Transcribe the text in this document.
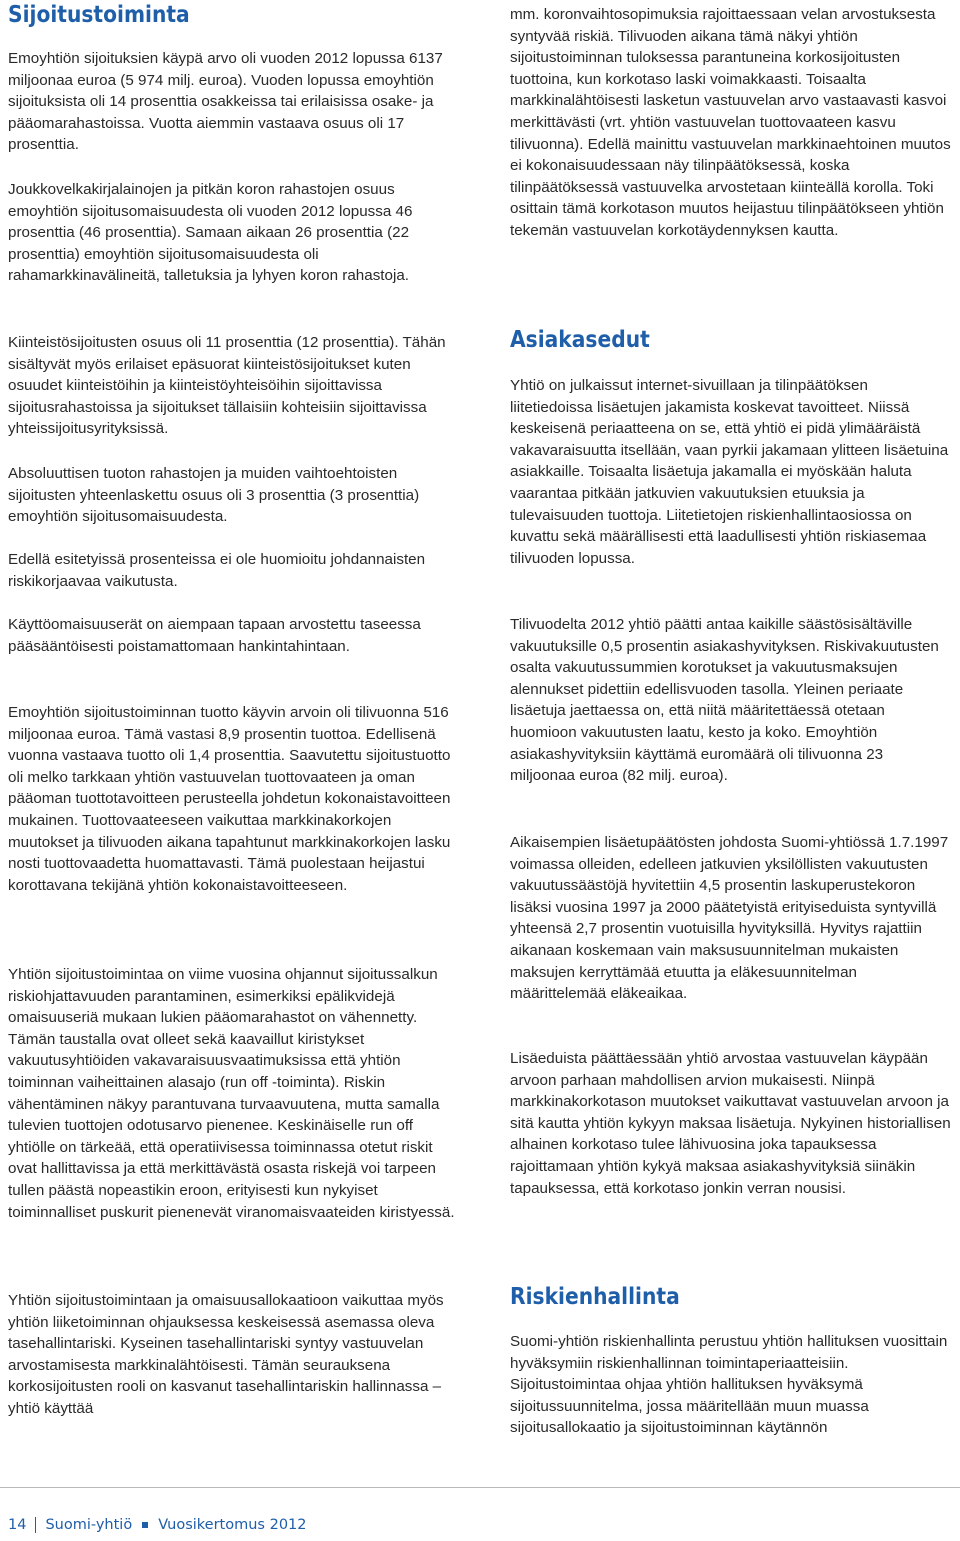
Sijoitustoiminta

Emoyhtiön sijoituksien käypä arvo oli vuoden 2012 lopussa 6137 miljoonaa euroa (5 974 milj. euroa). Vuoden lopussa emoyhtiön sijoituksista oli 14 prosenttia osakkeissa tai erilaisissa osake- ja pääomarahastoissa. Vuotta aiemmin vastaava osuus oli 17 prosenttia.

Joukkovelkakirjalainojen ja pitkän koron rahastojen osuus emoyhtiön sijoitusomaisuudesta oli vuoden 2012 lopussa 46 prosenttia (46 prosenttia). Samaan aikaan 26 prosenttia (22 prosenttia) emoyhtiön sijoitusomaisuudesta oli rahamarkkinavälineitä, talletuksia ja lyhyen koron rahastoja.

Kiinteistösijoitusten osuus oli 11 prosenttia (12 prosenttia). Tähän sisältyvät myös erilaiset epäsuorat kiinteistösijoitukset kuten osuudet kiinteistöihin ja kiinteistöyhteisöihin sijoittavissa sijoitusrahastoissa ja sijoitukset tällaisiin kohteisiin sijoittavissa yhteissijoitusyrityksissä.

Absoluuttisen tuoton rahastojen ja muiden vaihtoehtoisten sijoitusten yhteenlaskettu osuus oli 3 prosenttia (3 prosenttia) emoyhtiön sijoitusomaisuudesta.

Edellä esitetyissä prosenteissa ei ole huomioitu johdannaisten riskikorjaavaa vaikutusta.

Käyttöomaisuuserät on aiempaan tapaan arvostettu taseessa pääsääntöisesti poistamattomaan hankintahintaan.

Emoyhtiön sijoitustoiminnan tuotto käyvin arvoin oli tilivuonna 516 miljoonaa euroa. Tämä vastasi 8,9 prosentin tuottoa. Edellisenä vuonna vastaava tuotto oli 1,4 prosenttia. Saavutettu sijoitustuotto oli melko tarkkaan yhtiön vastuuvelan tuottovaateen ja oman pääoman tuottotavoitteen perusteella johdetun kokonaistavoitteen mukainen. Tuottovaateeseen vaikuttaa markkinakorkojen muutokset ja tilivuoden aikana tapahtunut markkinakorkojen lasku nosti tuottovaadetta huomattavasti. Tämä puolestaan heijastui korottavana tekijänä yhtiön kokonaistavoitteeseen.

Yhtiön sijoitustoimintaa on viime vuosina ohjannut sijoitussalkun riskiohjattavuuden parantaminen, esimerkiksi epälikvidejä omaisuuseriä mukaan lukien pääomarahastot on vähennetty. Tämän taustalla ovat olleet sekä kaavaillut kiristykset vakuutusyhtiöiden vakavaraisuusvaatimuksissa että yhtiön toiminnan vaiheittainen alasajo (run off -toiminta). Riskin vähentäminen näkyy parantuvana turvaavuutena, mutta samalla tulevien tuottojen odotusarvo pienenee. Keskinäiselle run off yhtiölle on tärkeää, että operatiivisessa toiminnassa otetut riskit ovat hallittavissa ja että merkittävästä osasta riskejä voi tarpeen tullen päästä nopeastikin eroon, erityisesti kun nykyiset toiminnalliset puskurit pienenevät viranomaisvaateiden kiristyessä.

Yhtiön sijoitustoimintaan ja omaisuusallokaatioon vaikuttaa myös yhtiön liiketoiminnan ohjauksessa keskeisessä asemassa oleva tasehallintariski. Kyseinen tasehallintariski syntyy vastuuvelan arvostamisesta markkinalähtöisesti. Tämän seurauksena korkosijoitusten rooli on kasvanut tasehallintariskin hallinnassa – yhtiö käyttää

mm. koronvaihtosopimuksia rajoittaessaan velan arvostuksesta syntyvää riskiä. Tilivuoden aikana tämä näkyi yhtiön sijoitustoiminnan tuloksessa parantuneina korkosijoitusten tuottoina, kun korkotaso laski voimakkaasti. Toisaalta markkinalähtöisesti lasketun vastuuvelan arvo vastaavasti kasvoi merkittävästi (vrt. yhtiön vastuuvelan tuottovaateen kasvu tilivuonna). Edellä mainittu vastuuvelan markkinaehtoinen muutos ei kokonaisuudessaan näy tilinpäätöksessä, koska tilinpäätöksessä vastuuvelka arvostetaan kiinteällä korolla. Toki osittain tämä korkotason muutos heijastuu tilinpäätökseen yhtiön tekemän vastuuvelan korkotäydennyksen kautta.

Asiakasedut

Yhtiö on julkaissut internet-sivuillaan ja tilinpäätöksen liitetiedoissa lisäetujen jakamista koskevat tavoitteet. Niissä keskeisenä periaatteena on se, että yhtiö ei pidä ylimääräistä vakavaraisuutta itsellään, vaan pyrkii jakamaan ylitteen lisäetuina asiakkaille. Toisaalta lisäetuja jakamalla ei myöskään haluta vaarantaa pitkään jatkuvien vakuutuksien etuuksia ja tulevaisuuden tuottoja. Liitetietojen riskienhallintaosiossa on kuvattu sekä määrällisesti että laadullisesti yhtiön riskiasemaa tilivuoden lopussa.

Tilivuodelta 2012 yhtiö päätti antaa kaikille säästösisältäville vakuutuksille 0,5 prosentin asiakashyvityksen. Riskivakuutusten osalta vakuutussummien korotukset ja vakuutusmaksujen alennukset pidettiin edellisvuoden tasolla. Yleinen periaate lisäetuja jaettaessa on, että niitä määritettäessä otetaan huomioon vakuutusten laatu, kesto ja koko. Emoyhtiön asiakashyvityksiin käyttämä euromäärä oli tilivuonna 23 miljoonaa euroa (82 milj. euroa).

Aikaisempien lisäetupäätösten johdosta Suomi-yhtiössä 1.7.1997 voimassa olleiden, edelleen jatkuvien yksilöllisten vakuutusten vakuutussäästöjä hyvitettiin 4,5 prosentin laskuperustekoron lisäksi vuosina 1997 ja 2000 päätetyistä erityiseduista syntyvillä yhteensä 2,7 prosentin vuotuisilla hyvityksillä. Hyvitys rajattiin aikanaan koskemaan vain maksusuunnitelman mukaisten maksujen kerryttämää etuutta ja eläkesuunnitelman määrittelemää eläkeaikaa.

Lisäeduista päättäessään yhtiö arvostaa vastuuvelan käypään arvoon parhaan mahdollisen arvion mukaisesti. Niinpä markkinakorkotason muutokset vaikuttavat vastuuvelan arvoon ja sitä kautta yhtiön kykyyn maksaa lisäetuja. Nykyinen historiallisen alhainen korkotaso tulee lähivuosina joka tapauksessa rajoittamaan yhtiön kykyä maksaa asiakashyvityksiä siinäkin tapauksessa, että korkotaso jonkin verran nousisi.

Riskienhallinta

Suomi-yhtiön riskienhallinta perustuu yhtiön hallituksen vuosittain hyväksymiin riskienhallinnan toimintaperiaatteisiin. Sijoitustoimintaa ohjaa yhtiön hallituksen hyväksymä sijoitussuunnitelma, jossa määritellään muun muassa sijoitusallokaatio ja sijoitustoiminnan käytännön

14 Suomi-yhtiö Vuosikertomus 2012
